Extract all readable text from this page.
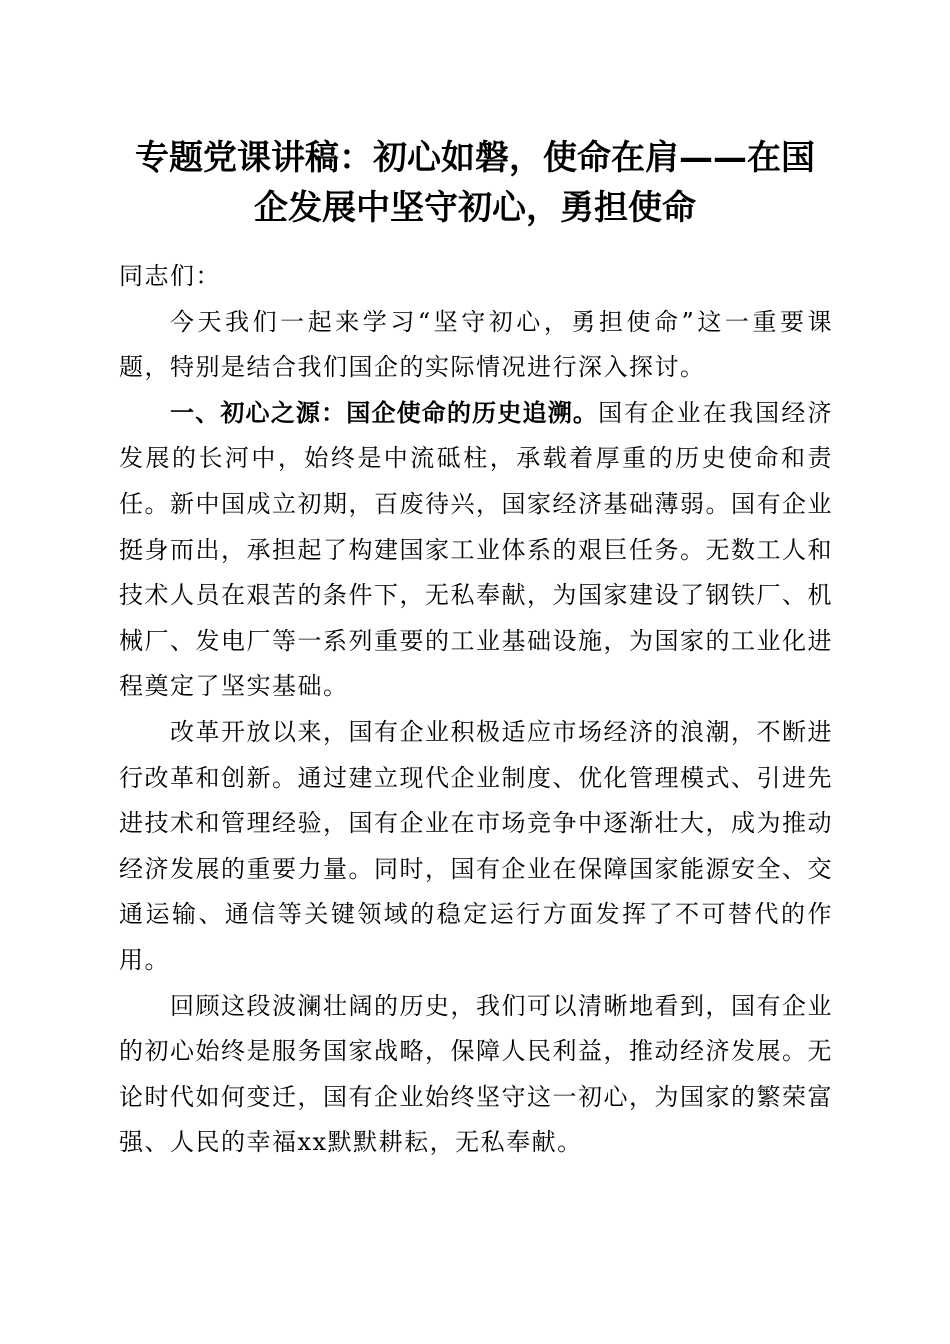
专题党课讲稿：初心如磐，使命在肩——在国
企发展中坚守初心，勇担使命

同志们：

今天我们一起来学习“坚守初心，勇担使命”这一重要课题，特别是结合我们国企的实际情况进行深入探讨。

一、初心之源：国企使命的历史追溯。国有企业在我国经济发展的长河中，始终是中流砥柱，承载着厚重的历史使命和责任。新中国成立初期，百废待兴，国家经济基础薄弱。国有企业挺身而出，承担起了构建国家工业体系的艰巨任务。无数工人和技术人员在艰苦的条件下，无私奉献，为国家建设了钢铁厂、机械厂、发电厂等一系列重要的工业基础设施，为国家的工业化进程奠定了坚实基础。

改革开放以来，国有企业积极适应市场经济的浪潮，不断进行改革和创新。通过建立现代企业制度、优化管理模式、引进先进技术和管理经验，国有企业在市场竞争中逐渐壮大，成为推动经济发展的重要力量。同时，国有企业在保障国家能源安全、交通运输、通信等关键领域的稳定运行方面发挥了不可替代的作用。

回顾这段波澜壮阔的历史，我们可以清晰地看到，国有企业的初心始终是服务国家战略，保障人民利益，推动经济发展。无论时代如何变迁，国有企业始终坚守这一初心，为国家的繁荣富强、人民的幸福xx默默耕耘，无私奉献。
